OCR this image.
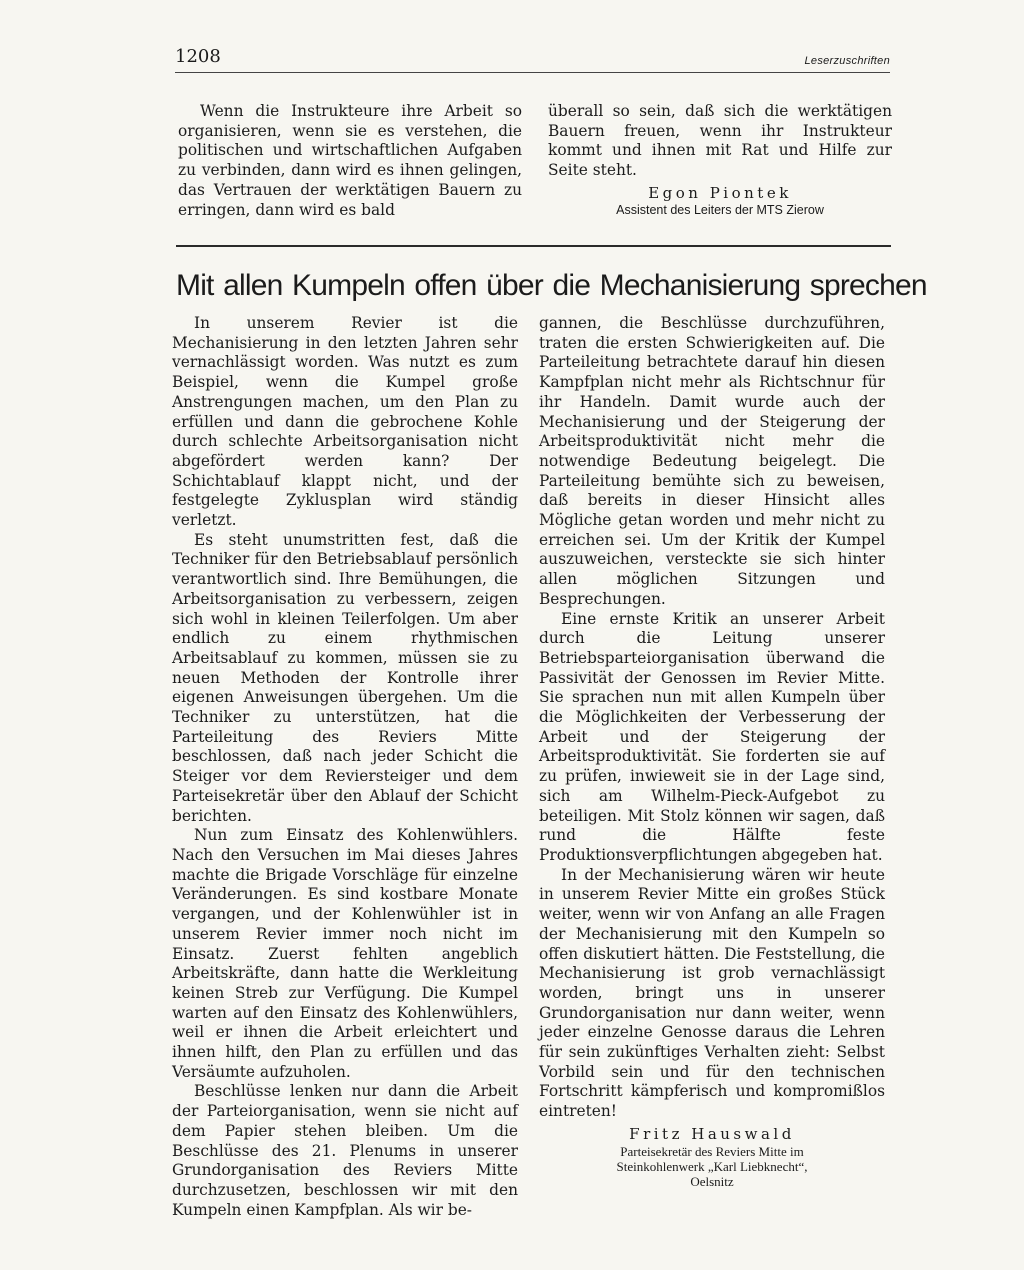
1208	Leserzuschriften

Wenn die Instrukteure ihre Arbeit so organisieren, wenn sie es verstehen, die politischen und wirtschaftlichen Aufgaben zu verbinden, dann wird es ihnen gelingen, das Vertrauen der werktätigen Bauern zu erringen, dann wird es bald

überall so sein, daß sich die werktätigen Bauern freuen, wenn ihr Instrukteur kommt und ihnen mit Rat und Hilfe zur Seite steht.

Egon Piontek
Assistent des Leiters der MTS Zierow
Mit allen Kumpeln offen über die Mechanisierung sprechen

In unserem Revier ist die Mechanisierung in den letzten Jahren sehr vernachlässigt worden. Was nutzt es zum Beispiel, wenn die Kumpel große Anstrengungen machen, um den Plan zu erfüllen und dann die gebrochene Kohle durch schlechte Arbeitsorganisation nicht abgefördert werden kann? Der Schichtablauf klappt nicht, und der festgelegte Zyklusplan wird ständig verletzt.

Es steht unumstritten fest, daß die Techniker für den Betriebsablauf persönlich verantwortlich sind. Ihre Bemühungen, die Arbeitsorganisation zu verbessern, zeigen sich wohl in kleinen Teilerfolgen. Um aber endlich zu einem rhythmischen Arbeitsablauf zu kommen, müssen sie zu neuen Methoden der Kontrolle ihrer eigenen Anweisungen übergehen. Um die Techniker zu unterstützen, hat die Parteileitung des Reviers Mitte beschlossen, daß nach jeder Schicht die Steiger vor dem Reviersteiger und dem Parteisekretär über den Ablauf der Schicht berichten.

Nun zum Einsatz des Kohlenwühlers. Nach den Versuchen im Mai dieses Jahres machte die Brigade Vorschläge für einzelne Veränderungen. Es sind kostbare Monate vergangen, und der Kohlenwühler ist in unserem Revier immer noch nicht im Einsatz. Zuerst fehlten angeblich Arbeitskräfte, dann hatte die Werkleitung keinen Streb zur Verfügung. Die Kumpel warten auf den Einsatz des Kohlenwühlers, weil er ihnen die Arbeit erleichtert und ihnen hilft, den Plan zu erfüllen und das Versäumte aufzuholen.

Beschlüsse lenken nur dann die Arbeit der Parteiorganisation, wenn sie nicht auf dem Papier stehen bleiben. Um die Beschlüsse des 21. Plenums in unserer Grundorganisation des Reviers Mitte durchzusetzen, beschlossen wir mit den Kumpeln einen Kampfplan. Als wir be-

gannen, die Beschlüsse durchzuführen, traten die ersten Schwierigkeiten auf. Die Parteileitung betrachtete darauf hin diesen Kampfplan nicht mehr als Richtschnur für ihr Handeln. Damit wurde auch der Mechanisierung und der Steigerung der Arbeitsproduktivität nicht mehr die notwendige Bedeutung beigelegt. Die Parteileitung bemühte sich zu beweisen, daß bereits in dieser Hinsicht alles Mögliche getan worden und mehr nicht zu erreichen sei. Um der Kritik der Kumpel auszuweichen, versteckte sie sich hinter allen möglichen Sitzungen und Besprechungen.

Eine ernste Kritik an unserer Arbeit durch die Leitung unserer Betriebsparteiorganisation überwand die Passivität der Genossen im Revier Mitte. Sie sprachen nun mit allen Kumpeln über die Möglichkeiten der Verbesserung der Arbeit und der Steigerung der Arbeitsproduktivität. Sie forderten sie auf zu prüfen, inwieweit sie in der Lage sind, sich am Wilhelm-Pieck-Aufgebot zu beteiligen. Mit Stolz können wir sagen, daß rund die Hälfte feste Produktionsverpflichtungen abgegeben hat.

In der Mechanisierung wären wir heute in unserem Revier Mitte ein großes Stück weiter, wenn wir von Anfang an alle Fragen der Mechanisierung mit den Kumpeln so offen diskutiert hätten. Die Feststellung, die Mechanisierung ist grob vernachlässigt worden, bringt uns in unserer Grundorganisation nur dann weiter, wenn jeder einzelne Genosse daraus die Lehren für sein zukünftiges Verhalten zieht: Selbst Vorbild sein und für den technischen Fortschritt kämpferisch und kompromißlos eintreten!

Fritz Hauswald
Parteisekretär des Reviers Mitte im
Steinkohlenwerk „Karl Liebknecht“,
Oelsnitz
